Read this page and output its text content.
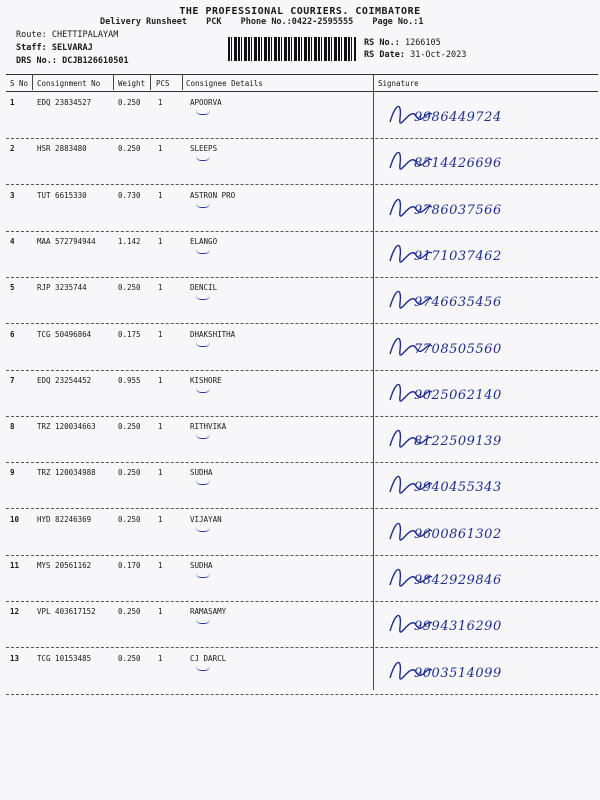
THE PROFESSIONAL COURIERS. COIMBATORE
Delivery Runsheet PCK Phone No.:0422-2595555 Page No.:1
Route: CHETTIPALAYAM
Staff: SELVARAJ
DRS No.: DCJB126610501
RS No.: 1266105
RS Date: 31-Oct-2023
S No Consignment No Weight PCS Consignee Details	Signature
1	EDQ 23834527	0.250 1	APOORVA
9986449724
2	HSR 2883480	0.250 1	SLEEPS
8514426696
3	TUT 6615330	0.730 1	ASTRON PRO
9786037566
4	MAA 572794944	1.142 1	ELANGO
9171037462
5	RJP 3235744	0.250 1	DENCIL
9746635456
6	TCG 50496864	0.175 1	DHAKSHITHA
7708505560
7	EDQ 23254452	0.955 1	KISHORE
9025062140
8	TRZ 120034663	0.250 1	RITHVIKA
8122509139
9	TRZ 120034988	0.250 1	SUDHA
9940455343
10 HYD 82246369	0.250 1	VIJAYAN
9600861302
11 MYS 20561162	0.170 1	SUDHA
9842929846
12 VPL 403617152	0.250 1	RAMASAMY
9994316290
13 TCG 10153485	0.250 1	CJ DARCL
9003514099
